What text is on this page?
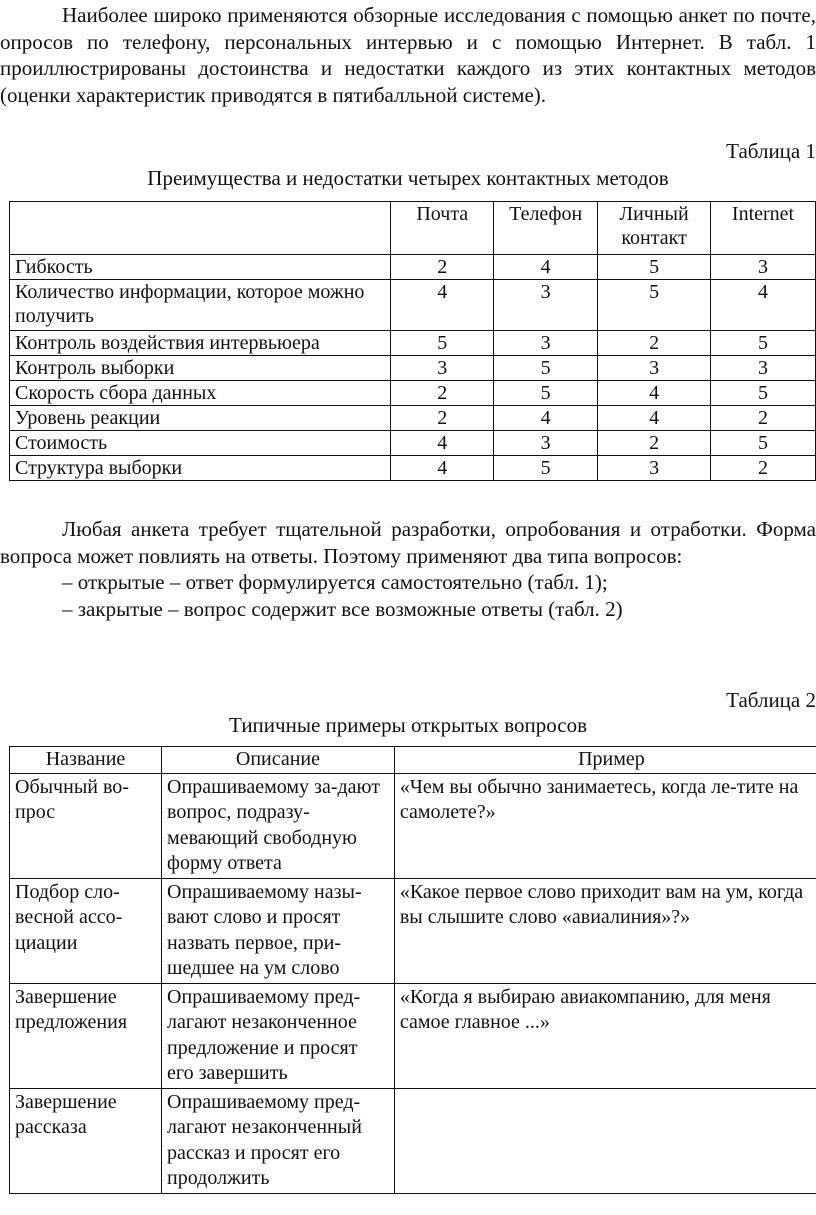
Наиболее широко применяются обзорные исследования с помощью анкет по почте, опросов по телефону, персональных интервью и с помощью Интернет. В табл. 1 проиллюстрированы достоинства и недостатки каждого из этих контактных методов (оценки характеристик приводятся в пятибалльной системе).

Таблица 1
Преимущества и недостатки четырех контактных методов
	Почта	Телефон	Личный контакт	Internet
Гибкость	2	4	5	3
Количество информации, которое можно получить	4	3	5	4
Контроль воздействия интервьюера	5	3	2	5
Контроль выборки	3	5	3	3
Скорость сбора данных	2	5	4	5
Уровень реакции	2	4	4	2
Стоимость	4	3	2	5
Структура выборки	4	5	3	2

Любая анкета требует тщательной разработки, опробования и отработки. Форма вопроса может повлиять на ответы. Поэтому применяют два типа вопросов:

– открытые – ответ формулируется самостоятельно (табл. 1);

– закрытые – вопрос содержит все возможные ответы (табл. 2)

Таблица 2
Типичные примеры открытых вопросов
Название	Описание	Пример
Обычный во-прос	Опрашиваемому за-дают вопрос, подразу-мевающий свободную форму ответа	«Чем вы обычно занимаетесь, когда ле-тите на самолете?»
Подбор сло-весной ассо-циации	Опрашиваемому назы-вают слово и просят назвать первое, при-шедшее на ум слово	«Какое первое слово приходит вам на ум, когда вы слышите слово «авиалиния»?»
Завершение предложения	Опрашиваемому пред-лагают незаконченное предложение и просят его завершить	«Когда я выбираю авиакомпанию, для меня самое главное ...»
Завершение рассказа	Опрашиваемому пред-лагают незаконченный рассказ и просят его продолжить	
